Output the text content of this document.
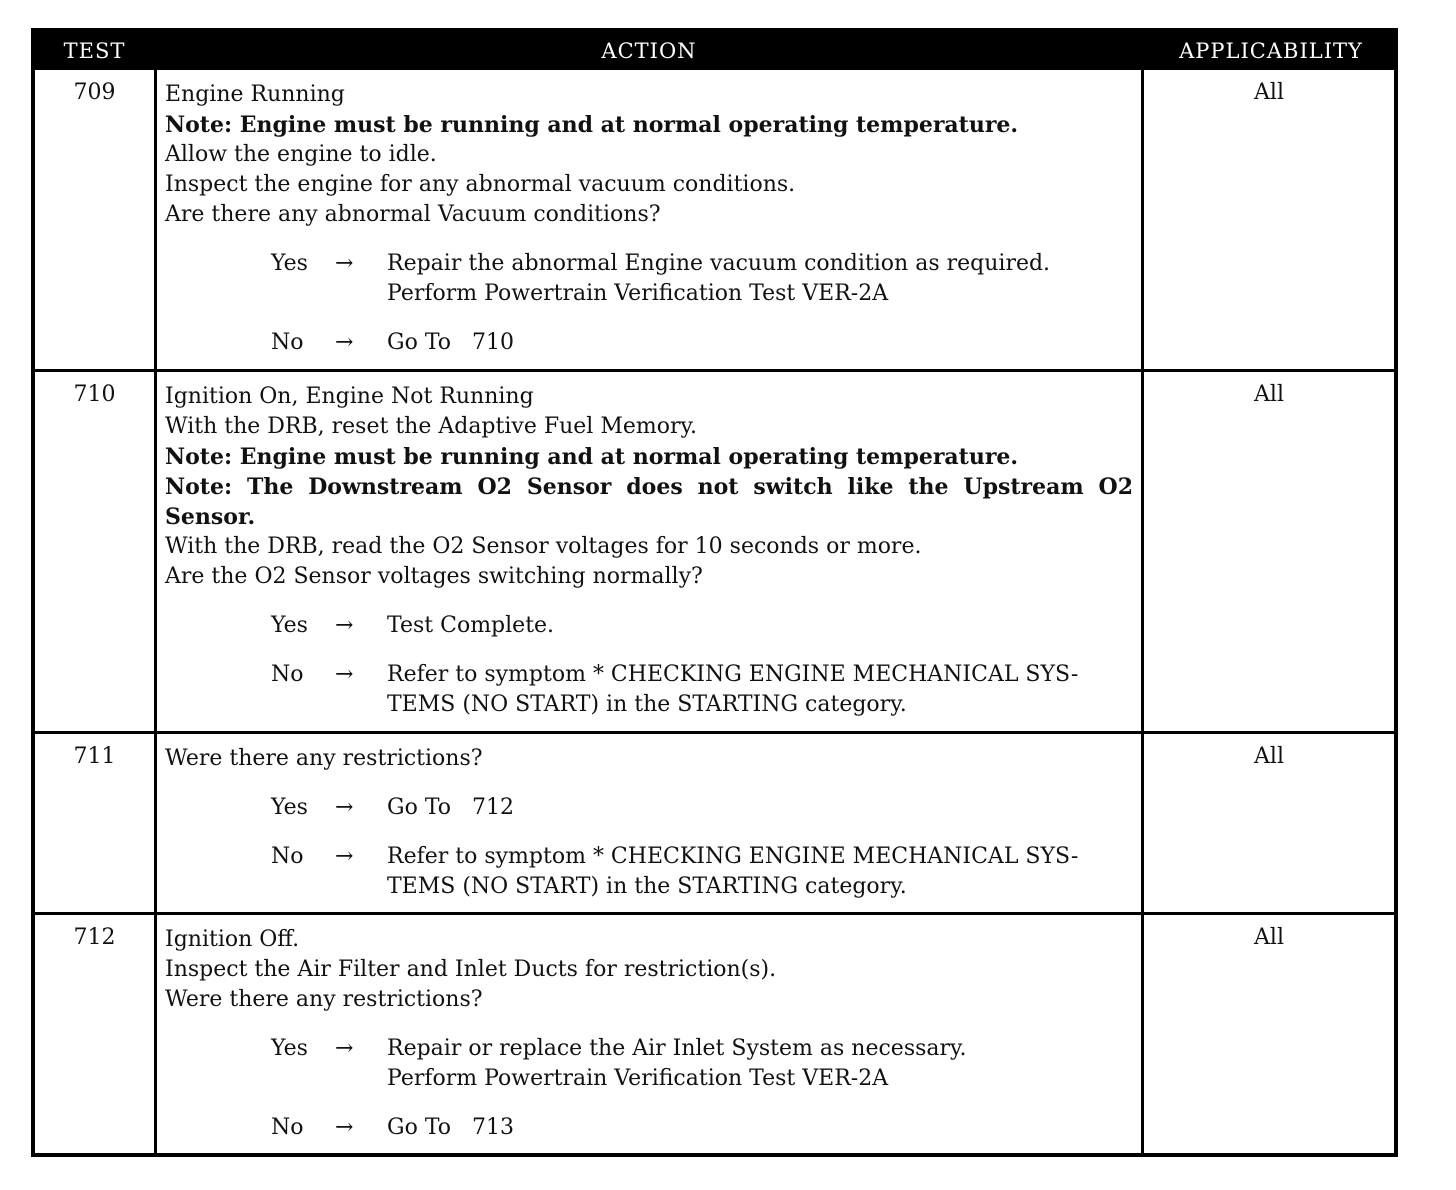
TEST	ACTION	APPLICABILITY
709	Engine Running
Note: Engine must be running and at normal operating temperature.
Allow the engine to idle.
Inspect the engine for any abnormal vacuum conditions.
Are there any abnormal Vacuum conditions?
Yes → Repair the abnormal Engine vacuum condition as required.
Perform Powertrain Verification Test VER-2A
No → Go To   710
All
710	Ignition On, Engine Not Running
With the DRB, reset the Adaptive Fuel Memory.
Note: Engine must be running and at normal operating temperature.
Note: The Downstream O2 Sensor does not switch like the Upstream O2 Sensor.
With the DRB, read the O2 Sensor voltages for 10 seconds or more.
Are the O2 Sensor voltages switching normally?
Yes → Test Complete.
No → Refer to symptom * CHECKING ENGINE MECHANICAL SYS-
TEMS (NO START) in the STARTING category.
All
711	Were there any restrictions?
Yes → Go To   712
No → Refer to symptom * CHECKING ENGINE MECHANICAL SYS-
TEMS (NO START) in the STARTING category.
All
712	Ignition Off.
Inspect the Air Filter and Inlet Ducts for restriction(s).
Were there any restrictions?
Yes → Repair or replace the Air Inlet System as necessary.
Perform Powertrain Verification Test VER-2A
No → Go To   713
All
